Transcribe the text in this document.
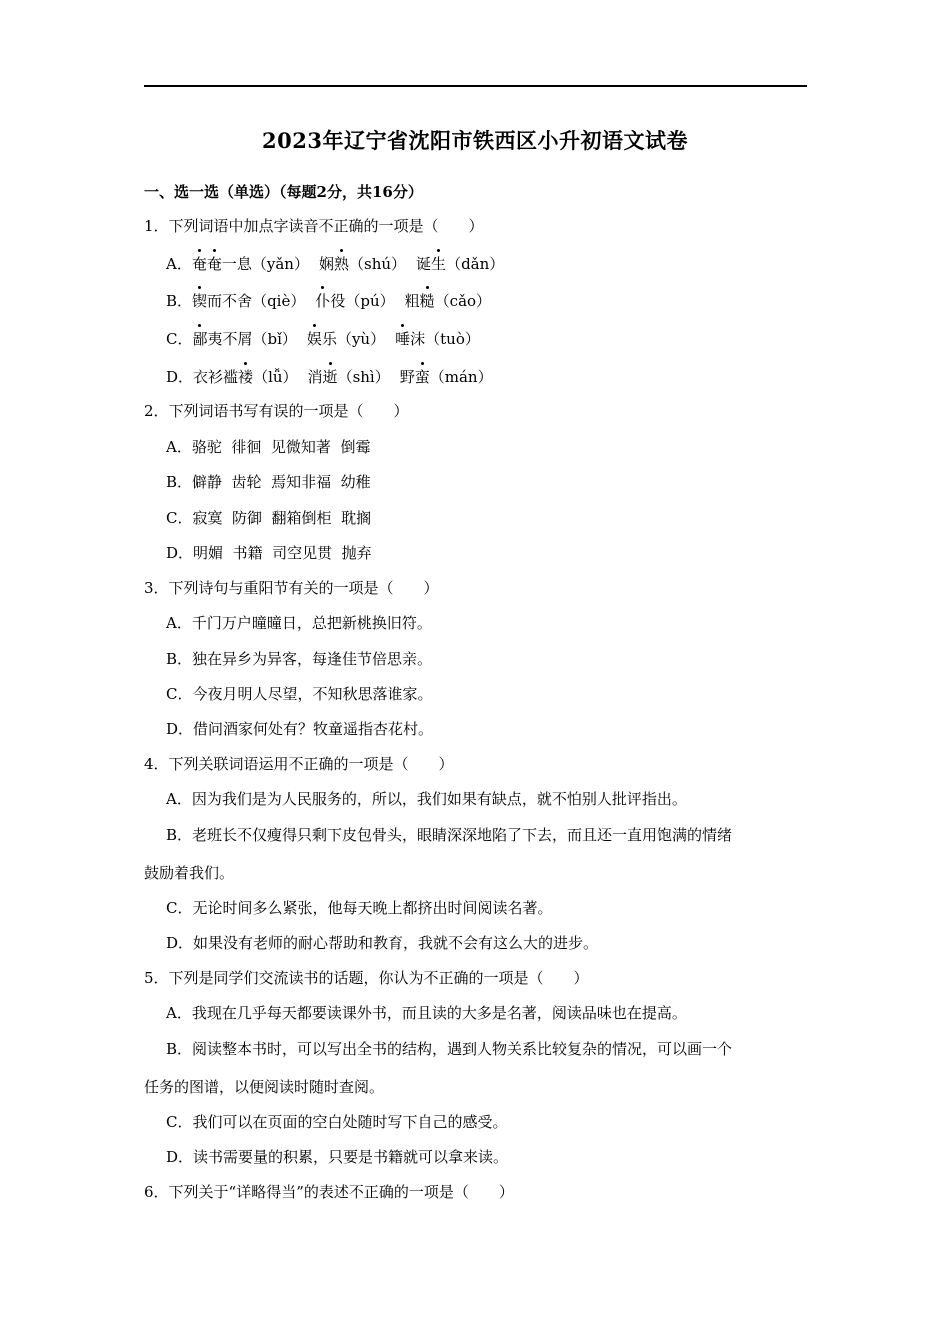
2023年辽宁省沈阳市铁西区小升初语文试卷
一、选一选（单选）（每题2分，共16分）
1．下列词语中加点字读音不正确的一项是（　　）
A．奄奄一息（yǎn） 娴熟（shú） 诞生（dǎn）
B．锲而不舍（qiè） 仆役（pú） 粗糙（cǎo）
C．鄙夷不屑（bǐ） 娱乐（yù） 唾沫（tuò）
D．衣衫褴褛（lǚ） 消逝（shì） 野蛮（mán）
2．下列词语书写有误的一项是（　　）
A．骆驼  徘徊  见微知著  倒霉
B．僻静  齿轮  焉知非福  幼稚
C．寂寞  防御  翻箱倒柜  耽搁
D．明媚  书籍  司空见贯  抛弃
3．下列诗句与重阳节有关的一项是（　　）
A．千门万户曈曈日，总把新桃换旧符。
B．独在异乡为异客，每逢佳节倍思亲。
C．今夜月明人尽望，不知秋思落谁家。
D．借问酒家何处有？牧童遥指杏花村。
4．下列关联词语运用不正确的一项是（　　）
A．因为我们是为人民服务的，所以，我们如果有缺点，就不怕别人批评指出。
B．老班长不仅瘦得只剩下皮包骨头，眼睛深深地陷了下去，而且还一直用饱满的情绪
鼓励着我们。
C．无论时间多么紧张，他每天晚上都挤出时间阅读名著。
D．如果没有老师的耐心帮助和教育，我就不会有这么大的进步。
5．下列是同学们交流读书的话题，你认为不正确的一项是（　　）
A．我现在几乎每天都要读课外书，而且读的大多是名著，阅读品味也在提高。
B．阅读整本书时，可以写出全书的结构，遇到人物关系比较复杂的情况，可以画一个
任务的图谱，以便阅读时随时查阅。
C．我们可以在页面的空白处随时写下自己的感受。
D．读书需要量的积累，只要是书籍就可以拿来读。
6．下列关于“详略得当”的表述不正确的一项是（　　）
